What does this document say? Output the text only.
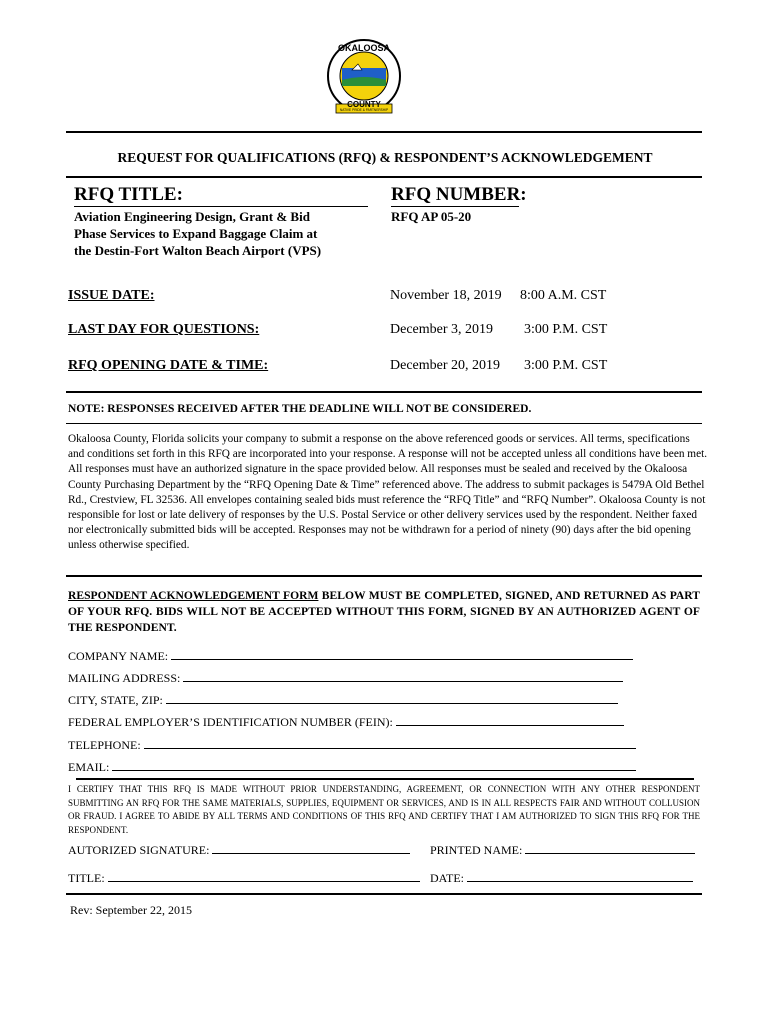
OKALOOSA
COUNTY
NATIVE PRIDE & PARTNERSHIP
REQUEST FOR QUALIFICATIONS (RFQ) & RESPONDENT’S ACKNOWLEDGEMENT
RFQ TITLE:
Aviation Engineering Design, Grant & Bid
Phase Services to Expand Baggage Claim at
the Destin-Fort Walton Beach Airport (VPS)
RFQ NUMBER:
RFQ AP 05-20
ISSUE DATE:	November 18, 2019 8:00 A.M. CST
LAST DAY FOR QUESTIONS:	December 3, 2019 3:00 P.M. CST
RFQ OPENING DATE & TIME:	December 20, 2019 3:00 P.M. CST
NOTE: RESPONSES RECEIVED AFTER THE DEADLINE WILL NOT BE CONSIDERED.
Okaloosa County, Florida solicits your company to submit a response on the above referenced goods or services. All terms, specifications and conditions set forth in this RFQ are incorporated into your response. A response will not be accepted unless all conditions have been met. All responses must have an authorized signature in the space provided below. All responses must be sealed and received by the Okaloosa County Purchasing Department by the “RFQ Opening Date & Time” referenced above. The address to submit packages is 5479A Old Bethel Rd., Crestview, FL 32536. All envelopes containing sealed bids must reference the “RFQ Title” and “RFQ Number”. Okaloosa County is not responsible for lost or late delivery of responses by the U.S. Postal Service or other delivery services used by the respondent. Neither faxed nor electronically submitted bids will be accepted. Responses may not be withdrawn for a period of ninety (90) days after the bid opening unless otherwise specified.
RESPONDENT ACKNOWLEDGEMENT FORM BELOW MUST BE COMPLETED, SIGNED, AND RETURNED AS PART OF YOUR RFQ. BIDS WILL NOT BE ACCEPTED WITHOUT THIS FORM, SIGNED BY AN AUTHORIZED AGENT OF THE RESPONDENT.
COMPANY NAME:
MAILING ADDRESS:
CITY, STATE, ZIP:
FEDERAL EMPLOYER’S IDENTIFICATION NUMBER (FEIN):
TELEPHONE:
EMAIL:
I CERTIFY THAT THIS RFQ IS MADE WITHOUT PRIOR UNDERSTANDING, AGREEMENT, OR CONNECTION WITH ANY OTHER RESPONDENT SUBMITTING AN RFQ FOR THE SAME MATERIALS, SUPPLIES, EQUIPMENT OR SERVICES, AND IS IN ALL RESPECTS FAIR AND WITHOUT COLLUSION OR FRAUD. I AGREE TO ABIDE BY ALL TERMS AND CONDITIONS OF THIS RFQ AND CERTIFY THAT I AM AUTHORIZED TO SIGN THIS RFQ FOR THE RESPONDENT.
AUTORIZED SIGNATURE:	PRINTED NAME:
TITLE:	DATE:
Rev: September 22, 2015
